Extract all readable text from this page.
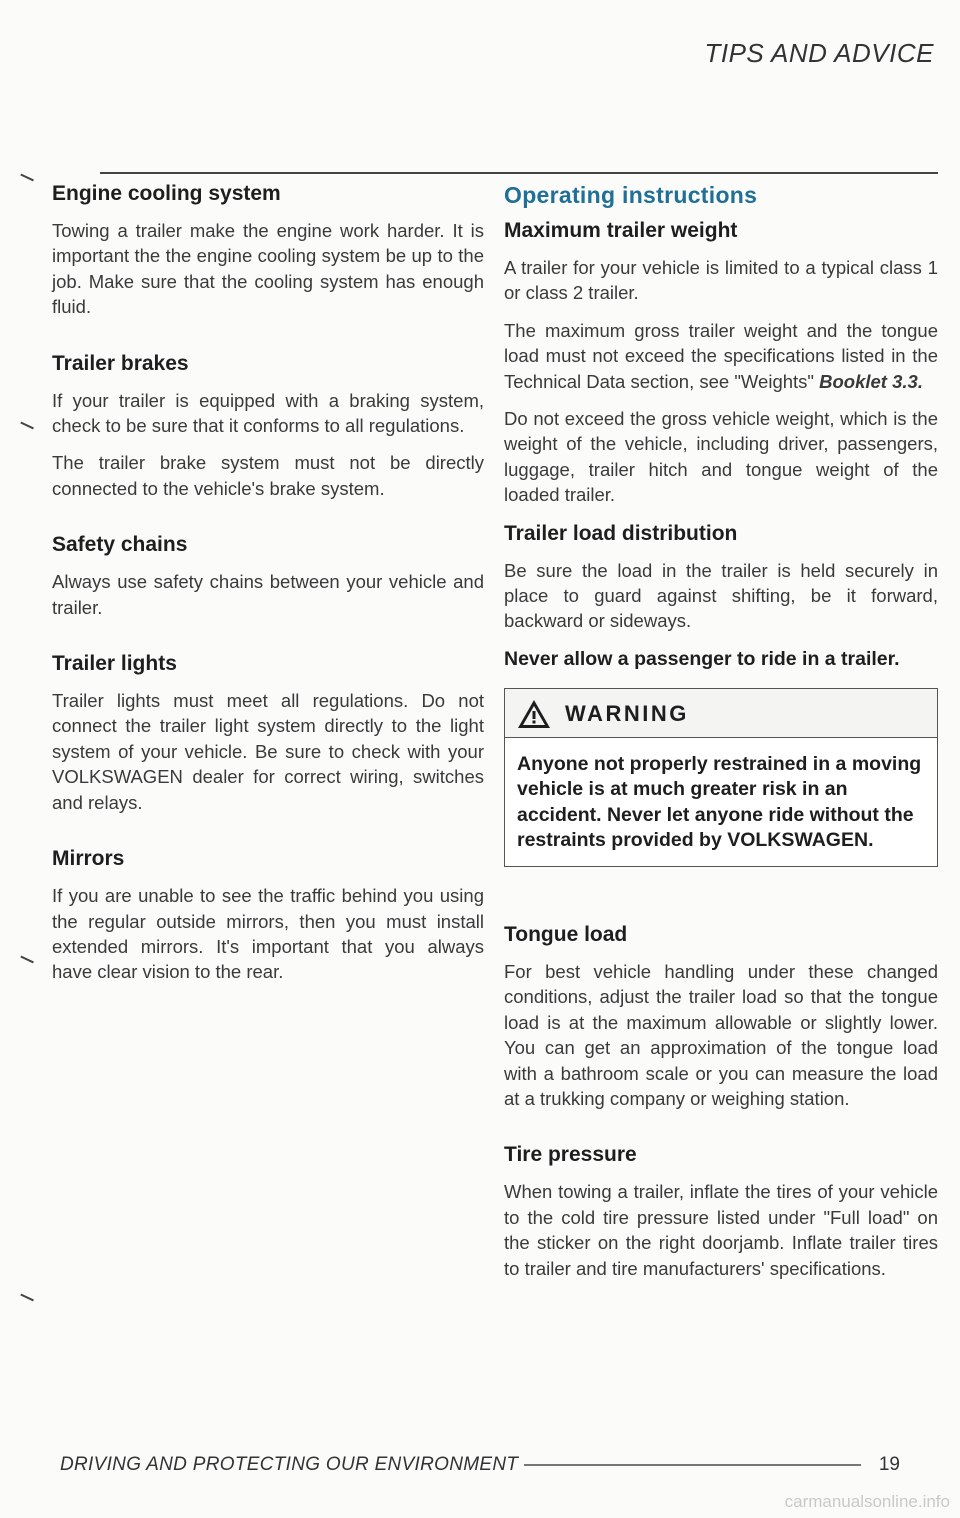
TIPS AND ADVICE
Engine cooling system

Towing a trailer make the engine work harder. It is important the the engine cooling system be up to the job. Make sure that the cooling system has enough fluid.

Trailer brakes

If your trailer is equipped with a braking system, check to be sure that it conforms to all regulations.

The trailer brake system must not be directly connected to the vehicle's brake system.

Safety chains

Always use safety chains between your vehicle and trailer.

Trailer lights

Trailer lights must meet all regulations. Do not connect the trailer light system directly to the light system of your vehicle. Be sure to check with your VOLKSWAGEN dealer for correct wiring, switches and relays.

Mirrors

If you are unable to see the traffic behind you using the regular outside mirrors, then you must install extended mirrors. It's important that you always have clear vision to the rear.

Operating instructions
Maximum trailer weight

A trailer for your vehicle is limited to a typical class 1 or class 2 trailer.

The maximum gross trailer weight and the tongue load must not exceed the specifications listed in the Technical Data section, see "Weights" Booklet 3.3.

Do not exceed the gross vehicle weight, which is the weight of the vehicle, including driver, passengers, luggage, trailer hitch and tongue weight of the loaded trailer.

Trailer load distribution

Be sure the load in the trailer is held securely in place to guard against shifting, be it forward, backward or sideways.

Never allow a passenger to ride in a trailer.
WARNING
Anyone not properly restrained in a moving vehicle is at much greater risk in an accident. Never let anyone ride without the restraints provided by VOLKSWAGEN.
Tongue load

For best vehicle handling under these changed conditions, adjust the trailer load so that the tongue load is at the maximum allowable or slightly lower. You can get an approximation of the tongue load with a bathroom scale or you can measure the load at a trukking company or weighing station.

Tire pressure

When towing a trailer, inflate the tires of your vehicle to the cold tire pressure listed under "Full load" on the sticker on the right doorjamb. Inflate trailer tires to trailer and tire manufacturers' specifications.

DRIVING AND PROTECTING OUR ENVIRONMENT	19
carmanualsonline.info
